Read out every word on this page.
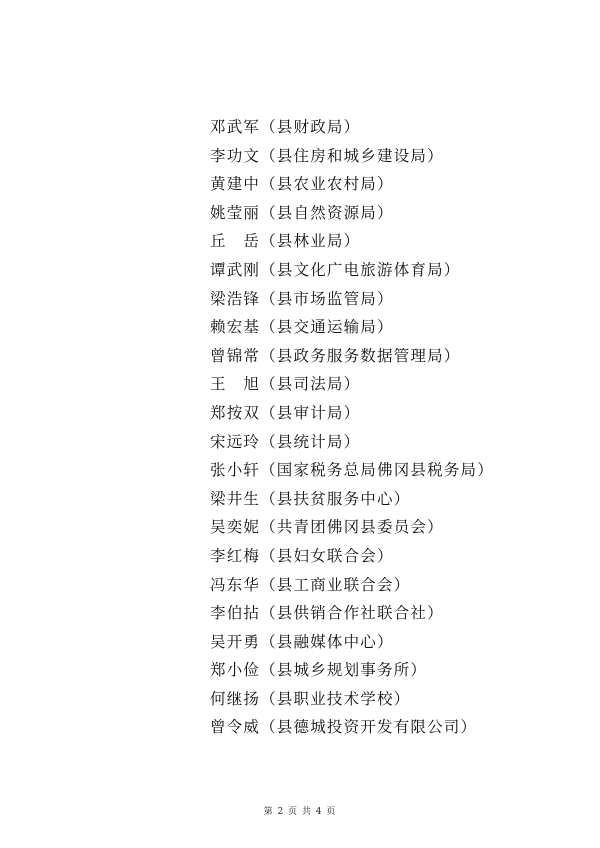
邓武军（县财政局）
李功文（县住房和城乡建设局）
黄建中（县农业农村局）
姚莹丽（县自然资源局）
丘　岳（县林业局）
谭武刚（县文化广电旅游体育局）
梁浩锋（县市场监管局）
赖宏基（县交通运输局）
曾锦常（县政务服务数据管理局）
王　旭（县司法局）
郑按双（县审计局）
宋远玲（县统计局）
张小轩（国家税务总局佛冈县税务局）
梁井生（县扶贫服务中心）
吴奕妮（共青团佛冈县委员会）
李红梅（县妇女联合会）
冯东华（县工商业联合会）
李伯拈（县供销合作社联合社）
吴开勇（县融媒体中心）
郑小俭（县城乡规划事务所）
何继扬（县职业技术学校）
曾令威（县德城投资开发有限公司）
第 2 页 共 4 页
